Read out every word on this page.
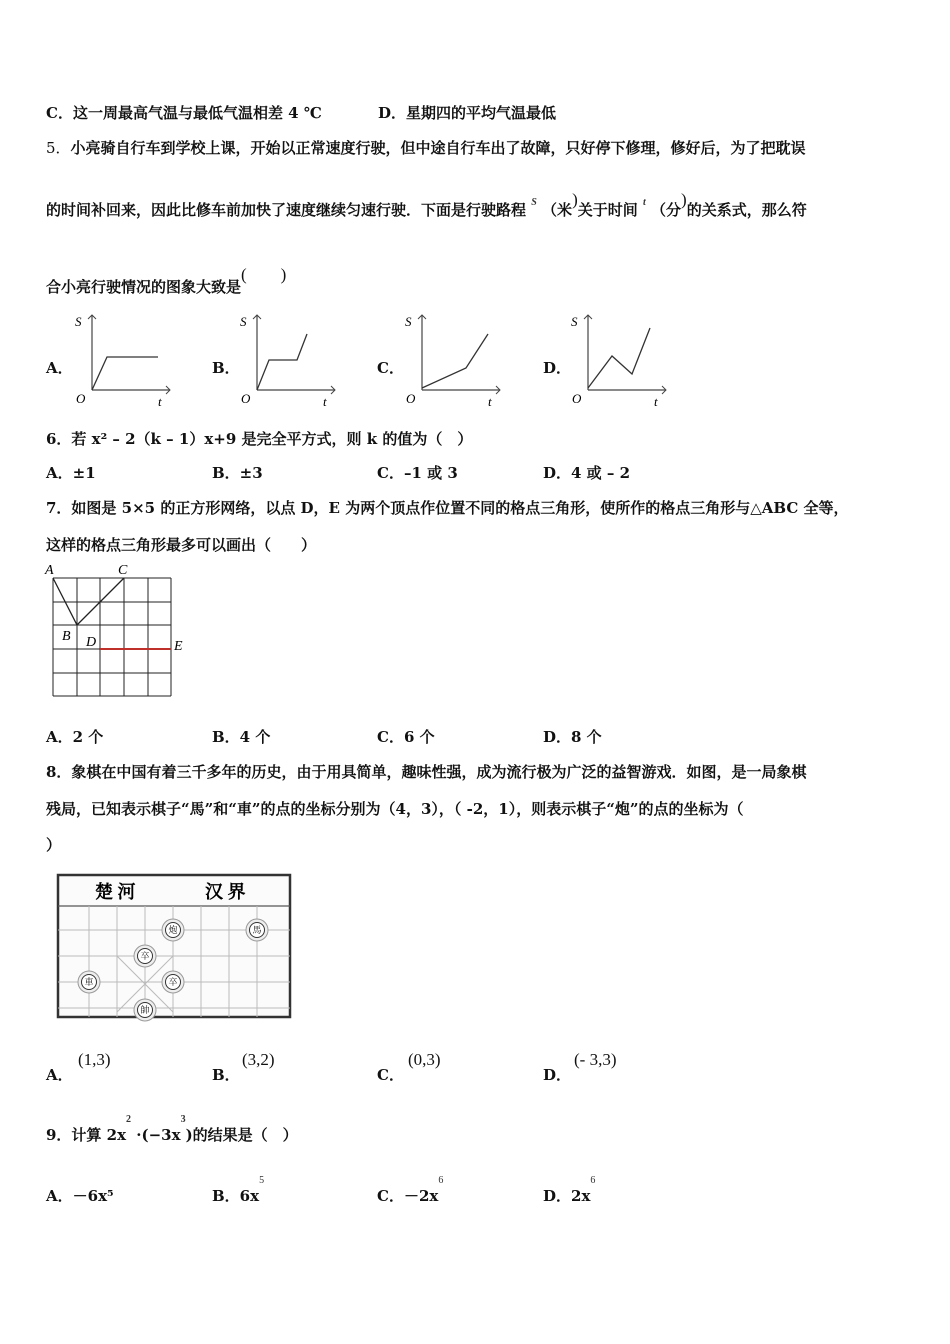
C．这一周最高气温与最低气温相差 4 ℃	D．星期四的平均气温最低
5．小亮骑自行车到学校上课，开始以正常速度行驶，但中途自行车出了故障，只好停下修理，修好后，为了把耽误
的时间补回来，因此比修车前加快了速度继续匀速行驶．下面是行驶路程 $^S$ （米)关于时间 $^t$ （分)的关系式，那么符
合小亮行驶情况的图象大致是(　　)
A．	B．	C．	D．
S
O	t
S
O	t
S
O	t
S
O	t
6．若 x² – 2（k – 1）x+9 是完全平方式，则 k 的值为（　）
A．±1	B．±3	C．–1 或 3	D．4 或 – 2
7．如图是 5×5 的正方形网络，以点 D，E 为两个顶点作位置不同的格点三角形，使所作的格点三角形与△ABC 全等，
这样的格点三角形最多可以画出（　　）
A	C
B D	E
A．2 个	B．4 个	C．6 个	D．8 个
8．象棋在中国有着三千多年的历史，由于用具简单，趣味性强，成为流行极为广泛的益智游戏．如图，是一局象棋
残局，已知表示棋子“馬”和“車”的点的坐标分别为（4，3），（ -2，1），则表示棋子“炮”的点的坐标为（
）
楚 河	汉 界
炮	馬
卒
卒
車
帥
A．
(1,3)
B．
(3,2)
C．
(0,3)
D．
(- 3,3)
9．计算 $2x^2 \cdot(-3x^3)$的结果是（　）
A．－6x⁵	B．$6x^5$
C．$-2x^6$
D．$2x^6$
